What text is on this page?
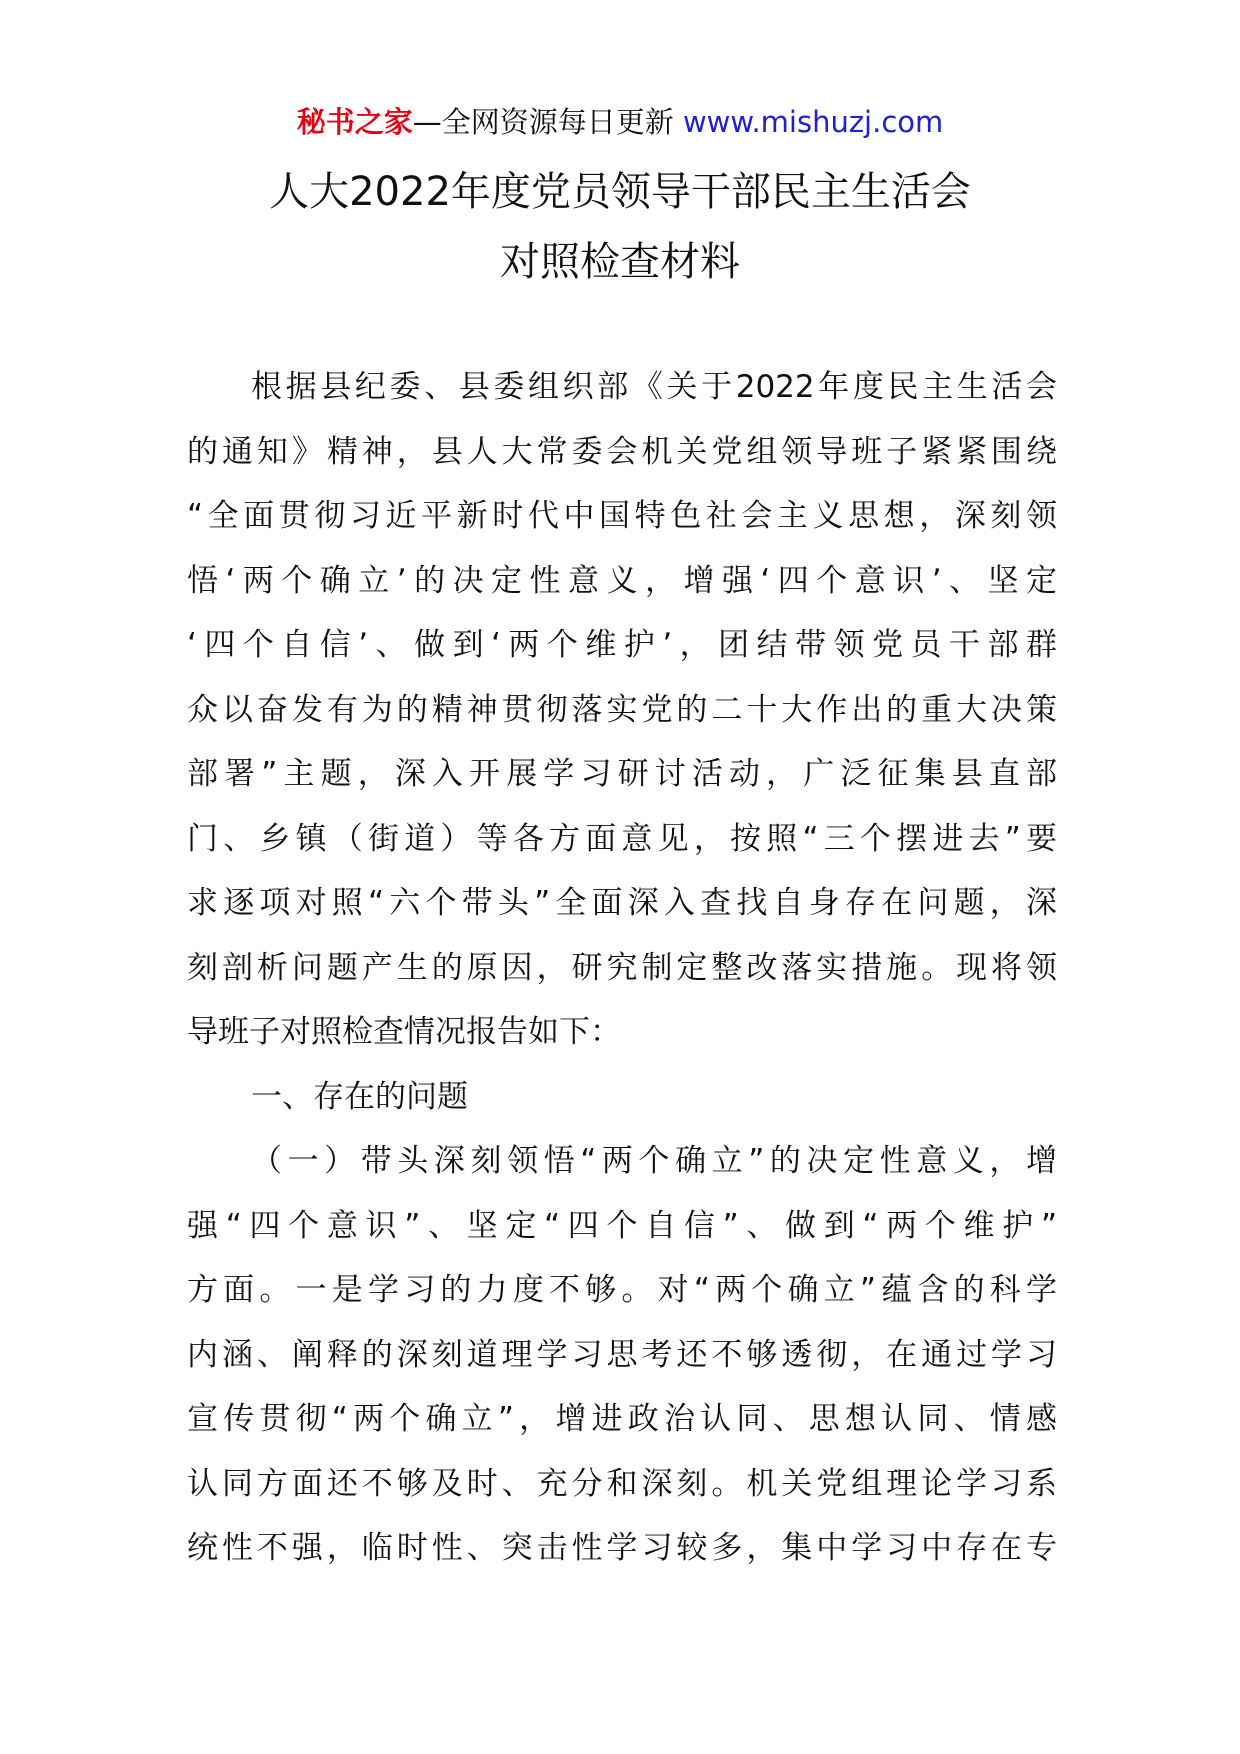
秘书之家—全网资源每日更新 www.mishuzj.com
人大2022年度党员领导干部民主生活会
对照检查材料
根据县纪委、县委组织部《关于2022年度民主生活会
的通知》精神，县人大常委会机关党组领导班子紧紧围绕
“全面贯彻习近平新时代中国特色社会主义思想，深刻领
悟‘两个确立’的决定性意义，增强‘四个意识’、坚定
‘四个自信’、做到‘两个维护’，团结带领党员干部群
众以奋发有为的精神贯彻落实党的二十大作出的重大决策
部署”主题，深入开展学习研讨活动，广泛征集县直部
门、乡镇（街道）等各方面意见，按照“三个摆进去”要
求逐项对照“六个带头”全面深入查找自身存在问题，深
刻剖析问题产生的原因，研究制定整改落实措施。现将领
导班子对照检查情况报告如下：
一、存在的问题
（一）带头深刻领悟“两个确立”的决定性意义，增
强“四个意识”、坚定“四个自信”、做到“两个维护”
方面。一是学习的力度不够。对“两个确立”蕴含的科学
内涵、阐释的深刻道理学习思考还不够透彻，在通过学习
宣传贯彻“两个确立”，增进政治认同、思想认同、情感
认同方面还不够及时、充分和深刻。机关党组理论学习系
统性不强，临时性、突击性学习较多，集中学习中存在专
